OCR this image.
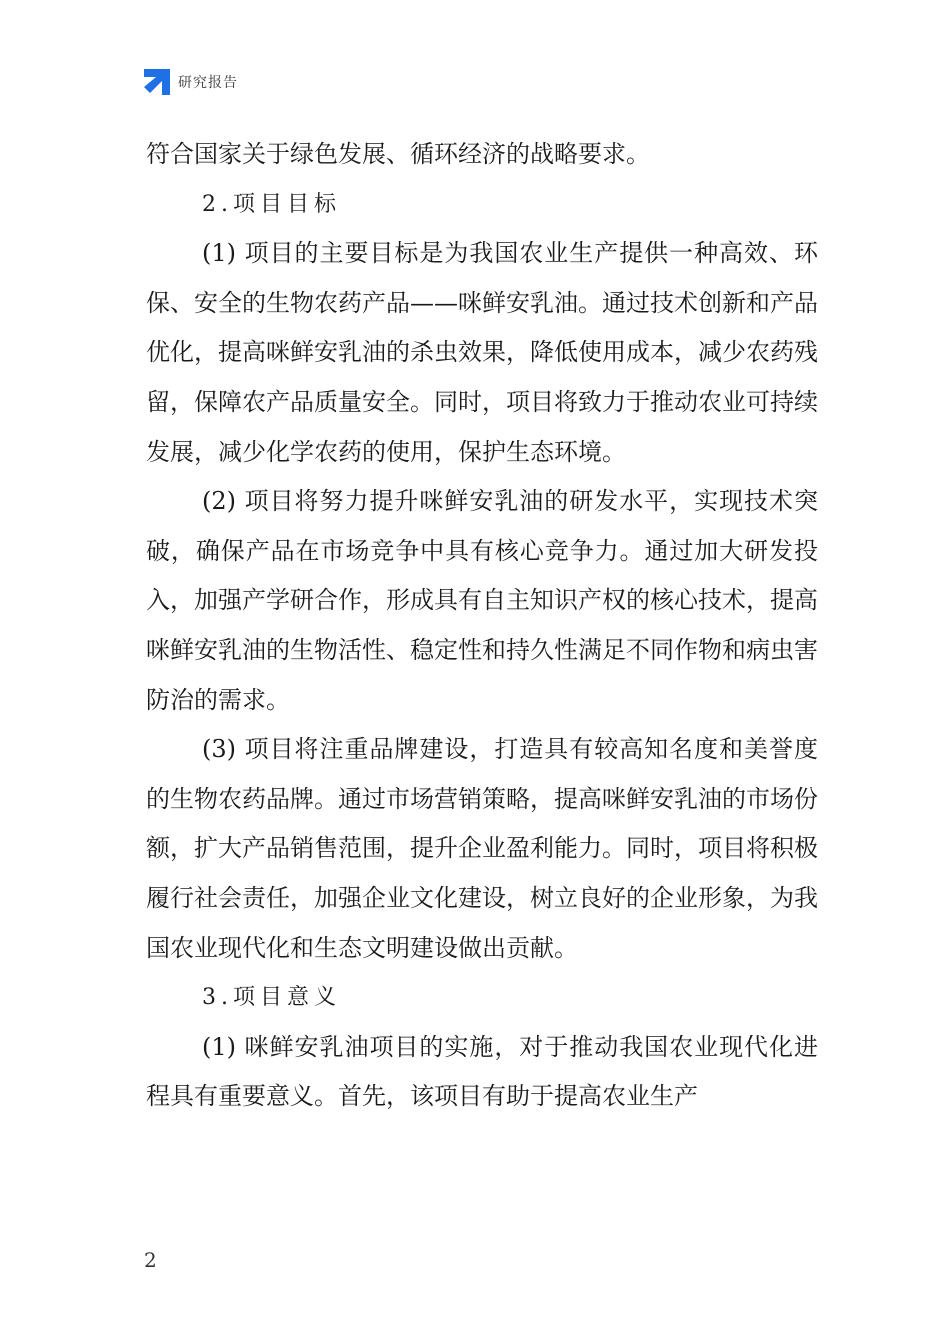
研究报告

符合国家关于绿色发展、循环经济的战略要求。

2.项目目标

(1) 项目的主要目标是为我国农业生产提供一种高效、环保、安全的生物农药产品——咪鲜安乳油。通过技术创新和产品优化，提高咪鲜安乳油的杀虫效果，降低使用成本，减少农药残留，保障农产品质量安全。同时，项目将致力于推动农业可持续发展，减少化学农药的使用，保护生态环境。

(2) 项目将努力提升咪鲜安乳油的研发水平，实现技术突破，确保产品在市场竞争中具有核心竞争力。通过加大研发投入，加强产学研合作，形成具有自主知识产权的核心技术，提高咪鲜安乳油的生物活性、稳定性和持久性满足不同作物和病虫害防治的需求。

(3) 项目将注重品牌建设，打造具有较高知名度和美誉度的生物农药品牌。通过市场营销策略，提高咪鲜安乳油的市场份额，扩大产品销售范围，提升企业盈利能力。同时，项目将积极履行社会责任，加强企业文化建设，树立良好的企业形象，为我国农业现代化和生态文明建设做出贡献。

3.项目意义

(1) 咪鲜安乳油项目的实施，对于推动我国农业现代化进程具有重要意义。首先，该项目有助于提高农业生产

2
